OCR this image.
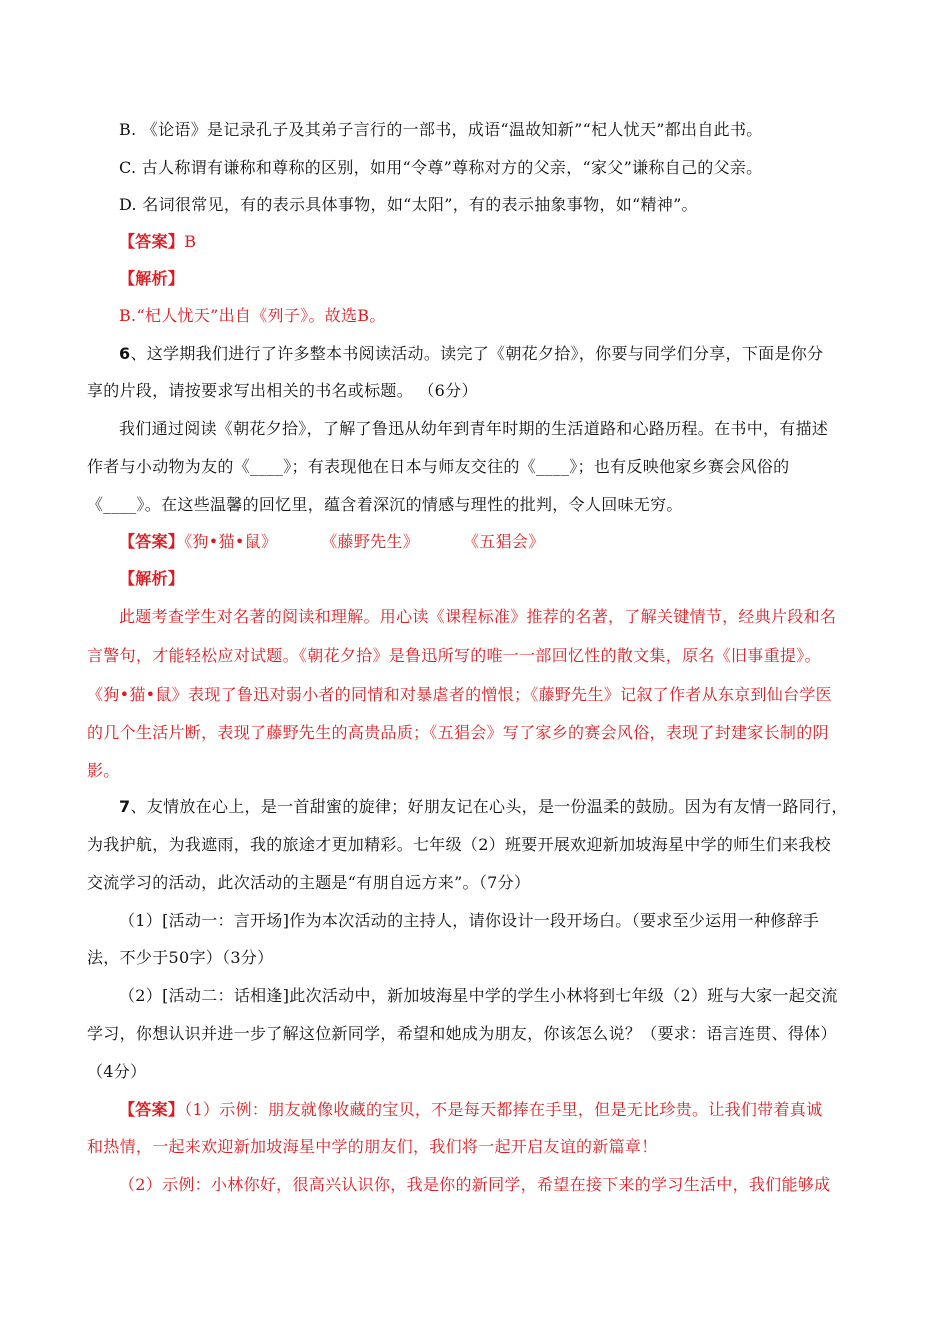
B. 《论语》是记录孔子及其弟子言行的一部书，成语“温故知新”“杞人忧天”都出自此书。
C. 古人称谓有谦称和尊称的区别，如用“令尊”尊称对方的父亲，“家父”谦称自己的父亲。
D. 名词很常见，有的表示具体事物，如“太阳”，有的表示抽象事物，如“精神”。
【答案】B
【解析】
B.“杞人忧天”出自《列子》。故选B。
6、这学期我们进行了许多整本书阅读活动。读完了《朝花夕拾》，你要与同学们分享，下面是你分
享的片段，请按要求写出相关的书名或标题。 （6分）
我们通过阅读《朝花夕拾》，了解了鲁迅从幼年到青年时期的生活道路和心路历程。在书中，有描述
作者与小动物为友的《____》；有表现他在日本与师友交往的《____》；也有反映他家乡赛会风俗的
《____》。在这些温馨的回忆里，蕴含着深沉的情感与理性的批判，令人回味无穷。
【答案】《狗•猫•鼠》	《藤野先生》	《五猖会》
【解析】
此题考查学生对名著的阅读和理解。用心读《课程标准》推荐的名著，了解关键情节，经典片段和名
言警句，才能轻松应对试题。《朝花夕拾》是鲁迅所写的唯一一部回忆性的散文集，原名《旧事重提》。
《狗•猫•鼠》表现了鲁迅对弱小者的同情和对暴虐者的憎恨；《藤野先生》记叙了作者从东京到仙台学医
的几个生活片断，表现了藤野先生的高贵品质；《五猖会》写了家乡的赛会风俗，表现了封建家长制的阴
影。
7、友情放在心上，是一首甜蜜的旋律；好朋友记在心头，是一份温柔的鼓励。因为有友情一路同行，
为我护航，为我遮雨，我的旅途才更加精彩。七年级（2）班要开展欢迎新加坡海星中学的师生们来我校
交流学习的活动，此次活动的主题是“有朋自远方来”。（7分）
（1）[活动一：言开场]作为本次活动的主持人，请你设计一段开场白。（要求至少运用一种修辞手
法，不少于50字）（3分）
（2）[活动二：话相逢]此次活动中，新加坡海星中学的学生小林将到七年级（2）班与大家一起交流
学习，你想认识并进一步了解这位新同学，希望和她成为朋友，你该怎么说？（要求：语言连贯、得体）
（4分）
【答案】（1）示例：朋友就像收藏的宝贝，不是每天都捧在手里，但是无比珍贵。让我们带着真诚
和热情，一起来欢迎新加坡海星中学的朋友们，我们将一起开启友谊的新篇章！
（2）示例：小林你好，很高兴认识你，我是你的新同学，希望在接下来的学习生活中，我们能够成
